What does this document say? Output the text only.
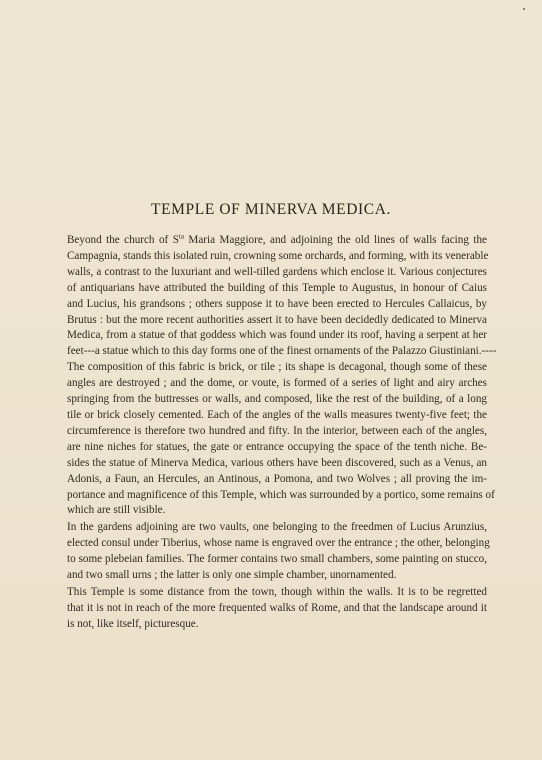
TEMPLE OF MINERVA MEDICA.

Beyond the church of $S^{ta}$ Maria Maggiore, and adjoining the old lines of walls facing the
Campagnia, stands this isolated ruin, crowning some orchards, and forming, with its venerable
walls, a contrast to the luxuriant and well-tilled gardens which enclose it. Various conjectures
of antiquarians have attributed the building of this Temple to Augustus, in honour of Caius
and Lucius, his grandsons ; others suppose it to have been erected to Hercules Callaicus, by
Brutus : but the more recent authorities assert it to have been decidedly dedicated to Minerva
Medica, from a statue of that goddess which was found under its roof, having a serpent at her
feet---a statue which to this day forms one of the finest ornaments of the Palazzo Giustiniani.----
The composition of this fabric is brick, or tile ; its shape is decagonal, though some of these
angles are destroyed ; and the dome, or voute, is formed of a series of light and airy arches
springing from the buttresses or walls, and composed, like the rest of the building, of a long
tile or brick closely cemented. Each of the angles of the walls measures twenty-five feet; the
circumference is therefore two hundred and fifty. In the interior, between each of the angles,
are nine niches for statues, the gate or entrance occupying the space of the tenth niche. Be-
sides the statue of Minerva Medica, various others have been discovered, such as a Venus, an
Adonis, a Faun, an Hercules, an Antinous, a Pomona, and two Wolves ; all proving the im-
portance and magnificence of this Temple, which was surrounded by a portico, some remains of
which are still visible.

In the gardens adjoining are two vaults, one belonging to the freedmen of Lucius Arunzius,
elected consul under Tiberius, whose name is engraved over the entrance ; the other, belonging
to some plebeian families. The former contains two small chambers, some painting on stucco,
and two small urns ; the latter is only one simple chamber, unornamented.

This Temple is some distance from the town, though within the walls. It is to be regretted
that it is not in reach of the more frequented walks of Rome, and that the landscape around it
is not, like itself, picturesque.
